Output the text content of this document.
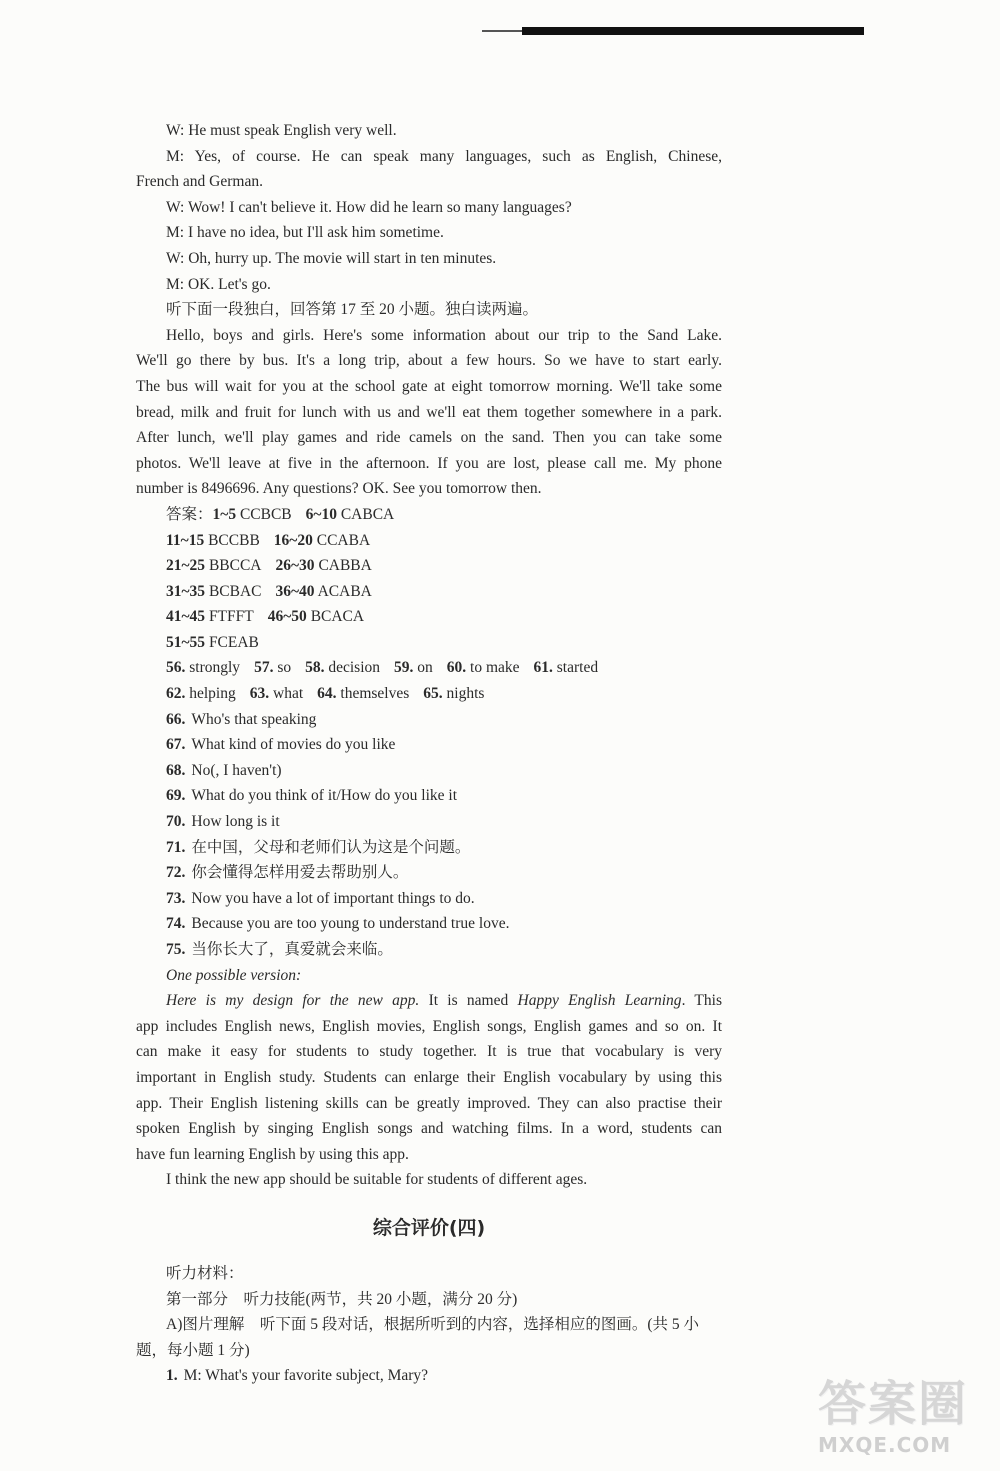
W: He must speak English very well.
M: Yes, of course. He can speak many languages, such as English, Chinese,
French and German.
W: Wow! I can't believe it. How did he learn so many languages?
M: I have no idea, but I'll ask him sometime.
W: Oh, hurry up. The movie will start in ten minutes.
M: OK. Let's go.
听下面一段独白，回答第 17 至 20 小题。独白读两遍。
Hello, boys and girls. Here's some information about our trip to the Sand Lake.
We'll go there by bus. It's a long trip, about a few hours. So we have to start early.
The bus will wait for you at the school gate at eight tomorrow morning. We'll take some
bread, milk and fruit for lunch with us and we'll eat them together somewhere in a park.
After lunch, we'll play games and ride camels on the sand. Then you can take some
photos. We'll leave at five in the afternoon. If you are lost, please call me. My phone
number is 8496696. Any questions? OK. See you tomorrow then.
答案：1~5 CCBCB 6~10 CABCA
11~15 BCCBB 16~20 CCABA
21~25 BBCCA 26~30 CABBA
31~35 BCBAC 36~40 ACABA
41~45 FTFFT 46~50 BCACA
51~55 FCEAB
56. strongly 57. so 58. decision 59. on 60. to make 61. started
62. helping 63. what 64. themselves 65. nights
66. Who's that speaking
67. What kind of movies do you like
68. No(, I haven't)
69. What do you think of it/How do you like it
70. How long is it
71. 在中国，父母和老师们认为这是个问题。
72. 你会懂得怎样用爱去帮助别人。
73. Now you have a lot of important things to do.
74. Because you are too young to understand true love.
75. 当你长大了，真爱就会来临。
One possible version:
Here is my design for the new app. It is named Happy English Learning. This
app includes English news, English movies, English songs, English games and so on. It
can make it easy for students to study together. It is true that vocabulary is very
important in English study. Students can enlarge their English vocabulary by using this
app. Their English listening skills can be greatly improved. They can also practise their
spoken English by singing English songs and watching films. In a word, students can
have fun learning English by using this app.
I think the new app should be suitable for students of different ages.
综合评价(四)
听力材料：
第一部分　听力技能(两节，共 20 小题，满分 20 分)
A)图片理解　听下面 5 段对话，根据所听到的内容，选择相应的图画。(共 5 小
题，每小题 1 分)
1. M: What's your favorite subject, Mary?
答案圈
MXQE.COM
